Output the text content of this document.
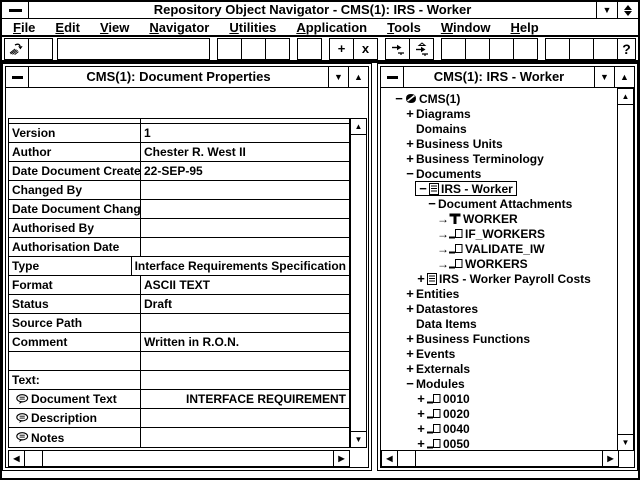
Repository Object Navigator - CMS(1): IRS - Worker	▼
File	Edit	View	Navigator	Utilities	Application	Tools	Window	Help
+ x	?
CMS(1): Document Properties	▼ ▲
Version	1
Author	Chester R. West II
Date Document Create 22-SEP-95
Changed By
Date Document Chang
Authorised By
Authorisation Date
Type	Interface Requirements Specification
Format	ASCII TEXT
Status	Draft
Source Path
Comment	Written in R.O.N.
Text:
Document Text	INTERFACE REQUIREMENT
Description
Notes
▲
▼
◀	▶
CMS(1): IRS - Worker	▼ ▲
− CMS(1)
+ Diagrams
Domains
+ Business Units
+ Business Terminology
− Documents
− IRS - Worker
− Document Attachments
→ WORKER
→ IF_WORKERS
→ VALIDATE_IW
→ WORKERS
+ IRS - Worker Payroll Costs
+ Entities
+ Datastores
Data Items
+ Business Functions
+ Events
+ Externals
− Modules
+ 0010
+ 0020
+ 0040
+ 0050
▲
▼
◀	▶
